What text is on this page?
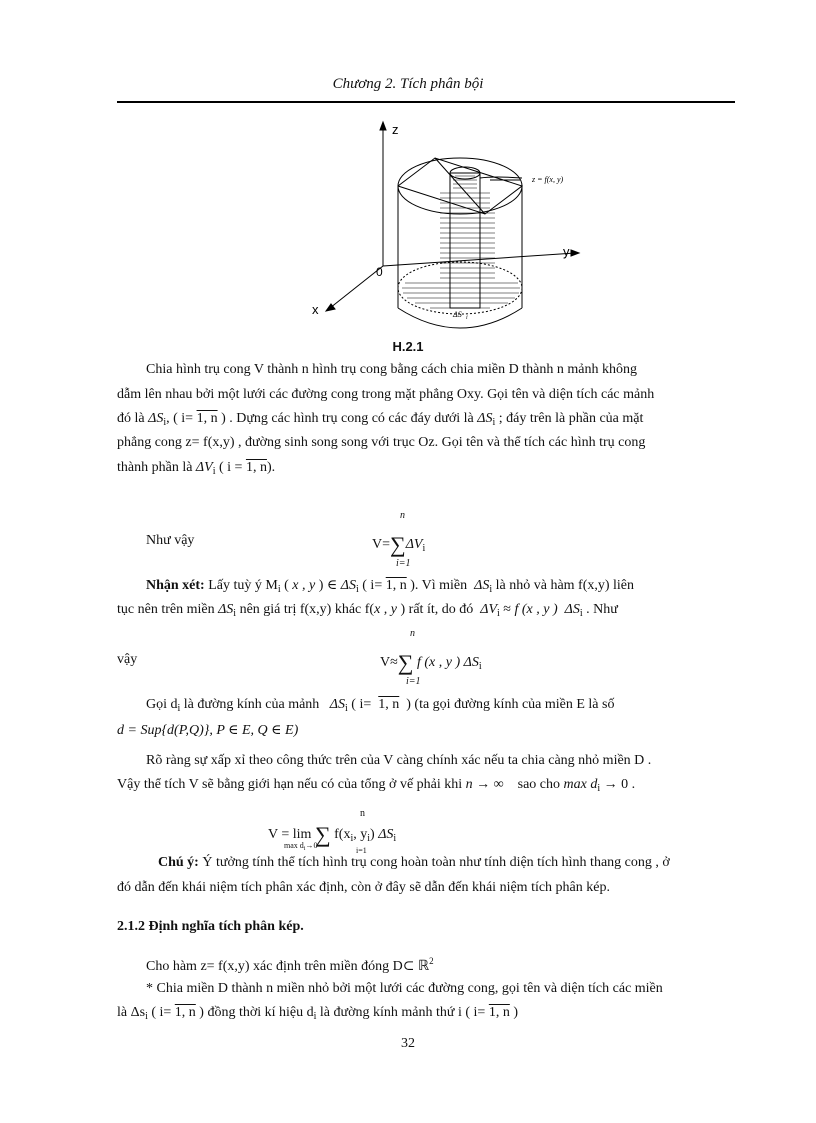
Chương 2. Tích phân bội
z
y
x
0
z = f(x, y)
ΔS i
H.2.1
Chia hình trụ cong V thành n hình trụ cong bằng cách chia miền D thành n mảnh không
dẫm lên nhau bởi một lưới các đường cong trong mặt phẳng Oxy. Gọi tên và diện tích các mảnh
đó là $\Delta S_i$, ( i= 1, n ) . Dựng các hình trụ cong có các đáy dưới là $\Delta S_i$ ; đáy trên là phần của mặt
phẳng cong z= f(x,y) , đường sinh song song với trục Oz. Gọi tên và thể tích các hình trụ cong
thành phần là $\Delta V_i$ ( i = 1, n).
Như vậy
n
$V=\sum\Delta V_i$
i=1
Nhận xét: Lấy tuỳ ý $M_i$ ( x , y ) ∈ $\Delta S_i$ ( i= 1, n ). Vì miền $\Delta S_i$ là nhỏ và hàm f(x,y) liên
tục nên trên miền $\Delta S_i$ nên giá trị f(x,y) khác f(x , y ) rất ít, do đó $\Delta V_i \approx f$ (x , y ) $\Delta S_i$ . Như
vậy
n
V≈∑ f (x , y ) $\Delta S_i$
i=1
Gọi $d_i$ là đường kính của mảnh $\Delta S_i$ ( i= 1, n ) (ta gọi đường kính của miền E là số
d = Sup{d(P,Q)}, P ∈ E, Q ∈ E)
Rõ ràng sự xấp xỉ theo công thức trên của V càng chính xác nếu ta chia càng nhỏ miền D .
Vậy thể tích V sẽ bằng giới hạn nếu có của tổng ở vế phải khi n → ∞ sao cho $\max d_i \to 0$ .
n
V = lim ∑ $f(x_i$, $y_i$) $\Delta S_i$
$\max d_i\to 0$
i=1
Chú ý: Ý tưởng tính thể tích hình trụ cong hoàn toàn như tính diện tích hình thang cong , ở
đó dẫn đến khái niệm tích phân xác định, còn ở đây sẽ dẫn đến khái niệm tích phân kép.
2.1.2 Định nghĩa tích phân kép.
Cho hàm z= f(x,y) xác định trên miền đóng D⊂ ℝ$^2$
* Chia miền D thành n miền nhỏ bởi một lưới các đường cong, gọi tên và diện tích các miền
là $\Delta s_i$ ( i= 1, n ) đồng thời kí hiệu $d_i$ là đường kính mảnh thứ i ( i= 1, n )
32
